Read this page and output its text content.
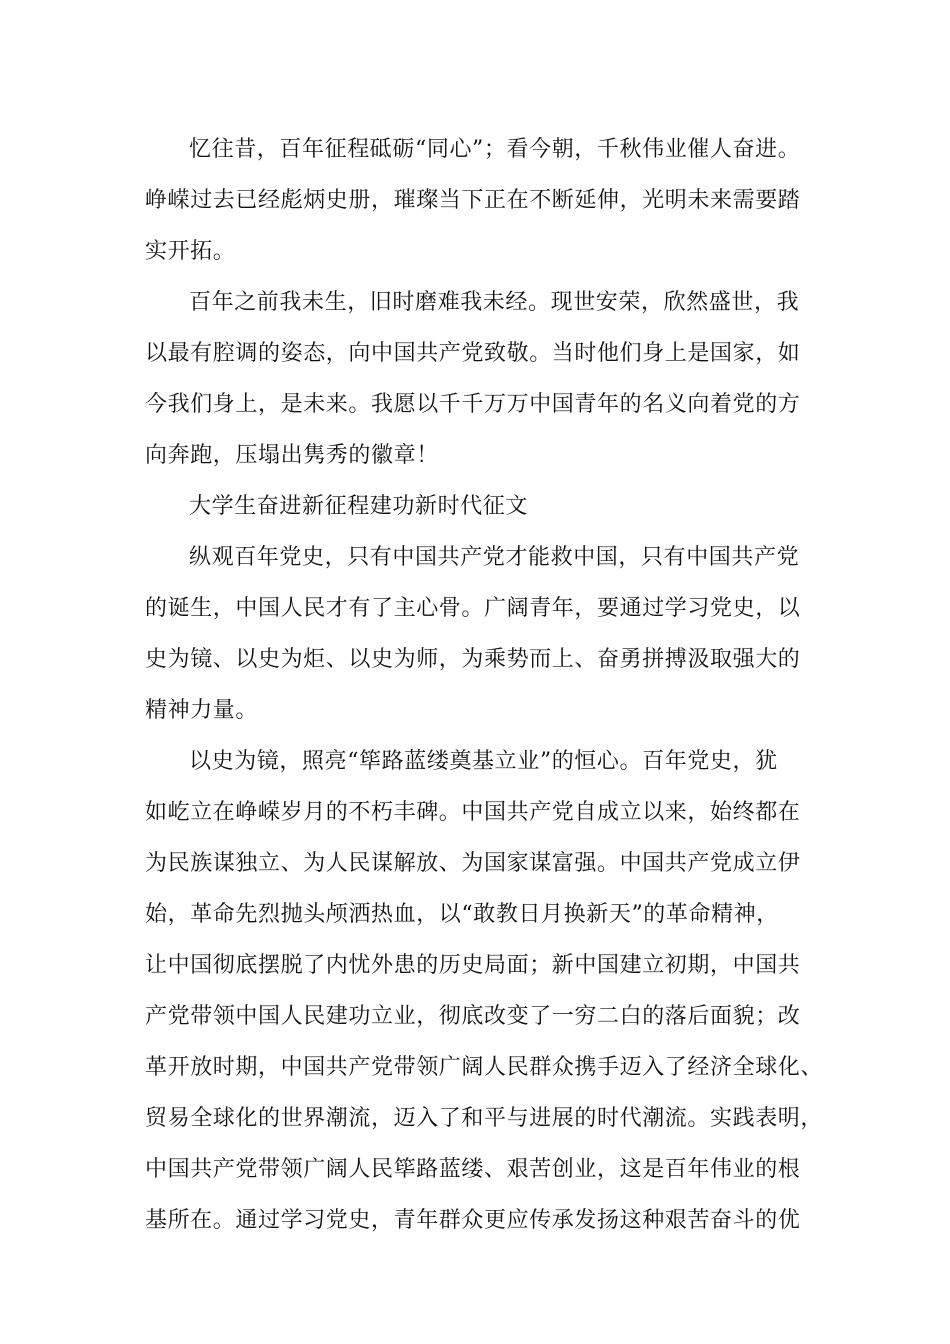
忆往昔，百年征程砥砺“同心”；看今朝，千秋伟业催人奋进。
峥嵘过去已经彪炳史册，璀璨当下正在不断延伸，光明未来需要踏
实开拓。

百年之前我未生，旧时磨难我未经。现世安荣，欣然盛世，我
以最有腔调的姿态，向中国共产党致敬。当时他们身上是国家，如
今我们身上，是未来。我愿以千千万万中国青年的名义向着党的方
向奔跑，压塌出隽秀的徽章！

大学生奋进新征程建功新时代征文

纵观百年党史，只有中国共产党才能救中国，只有中国共产党
的诞生，中国人民才有了主心骨。广阔青年，要通过学习党史，以
史为镜、以史为炬、以史为师，为乘势而上、奋勇拼搏汲取强大的
精神力量。

以史为镜，照亮“筚路蓝缕奠基立业”的恒心。百年党史，犹
如屹立在峥嵘岁月的不朽丰碑。中国共产党自成立以来，始终都在
为民族谋独立、为人民谋解放、为国家谋富强。中国共产党成立伊
始，革命先烈抛头颅洒热血，以“敢教日月换新天”的革命精神，
让中国彻底摆脱了内忧外患的历史局面；新中国建立初期，中国共
产党带领中国人民建功立业，彻底改变了一穷二白的落后面貌；改
革开放时期，中国共产党带领广阔人民群众携手迈入了经济全球化、
贸易全球化的世界潮流，迈入了和平与进展的时代潮流。实践表明，
中国共产党带领广阔人民筚路蓝缕、艰苦创业，这是百年伟业的根
基所在。通过学习党史，青年群众更应传承发扬这种艰苦奋斗的优
